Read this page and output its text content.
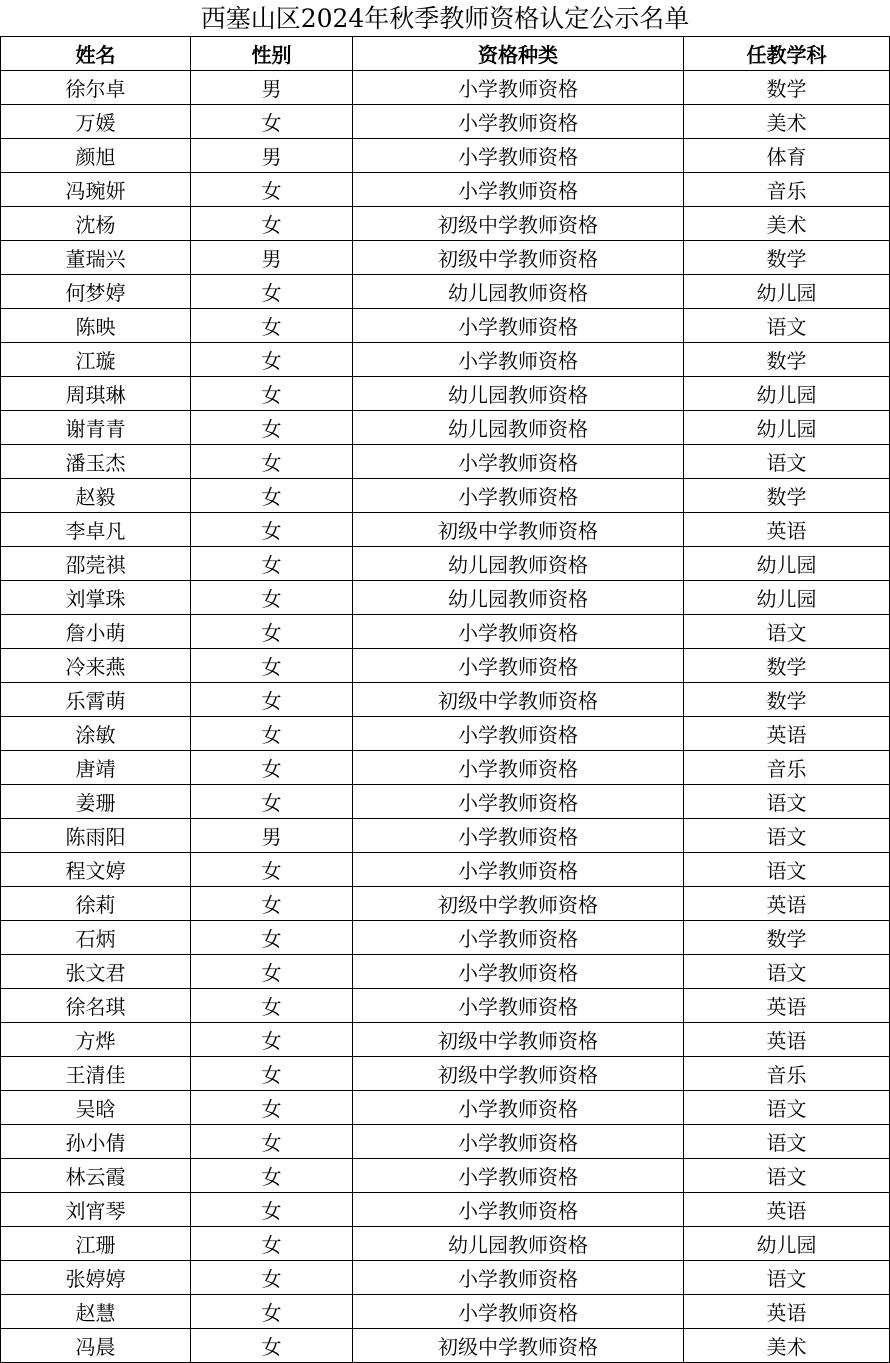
西塞山区2024年秋季教师资格认定公示名单
姓名	性别	资格种类	任教学科
徐尔卓	男	小学教师资格	数学
万媛	女	小学教师资格	美术
颜旭	男	小学教师资格	体育
冯琬妍	女	小学教师资格	音乐
沈杨	女	初级中学教师资格	美术
董瑞兴	男	初级中学教师资格	数学
何梦婷	女	幼儿园教师资格	幼儿园
陈映	女	小学教师资格	语文
江璇	女	小学教师资格	数学
周琪琳	女	幼儿园教师资格	幼儿园
谢青青	女	幼儿园教师资格	幼儿园
潘玉杰	女	小学教师资格	语文
赵毅	女	小学教师资格	数学
李卓凡	女	初级中学教师资格	英语
邵莞祺	女	幼儿园教师资格	幼儿园
刘掌珠	女	幼儿园教师资格	幼儿园
詹小萌	女	小学教师资格	语文
冷来燕	女	小学教师资格	数学
乐霄萌	女	初级中学教师资格	数学
涂敏	女	小学教师资格	英语
唐靖	女	小学教师资格	音乐
姜珊	女	小学教师资格	语文
陈雨阳	男	小学教师资格	语文
程文婷	女	小学教师资格	语文
徐莉	女	初级中学教师资格	英语
石炳	女	小学教师资格	数学
张文君	女	小学教师资格	语文
徐名琪	女	小学教师资格	英语
方烨	女	初级中学教师资格	英语
王清佳	女	初级中学教师资格	音乐
吴晗	女	小学教师资格	语文
孙小倩	女	小学教师资格	语文
林云霞	女	小学教师资格	语文
刘宵琴	女	小学教师资格	英语
江珊	女	幼儿园教师资格	幼儿园
张婷婷	女	小学教师资格	语文
赵慧	女	小学教师资格	英语
冯晨	女	初级中学教师资格	美术
